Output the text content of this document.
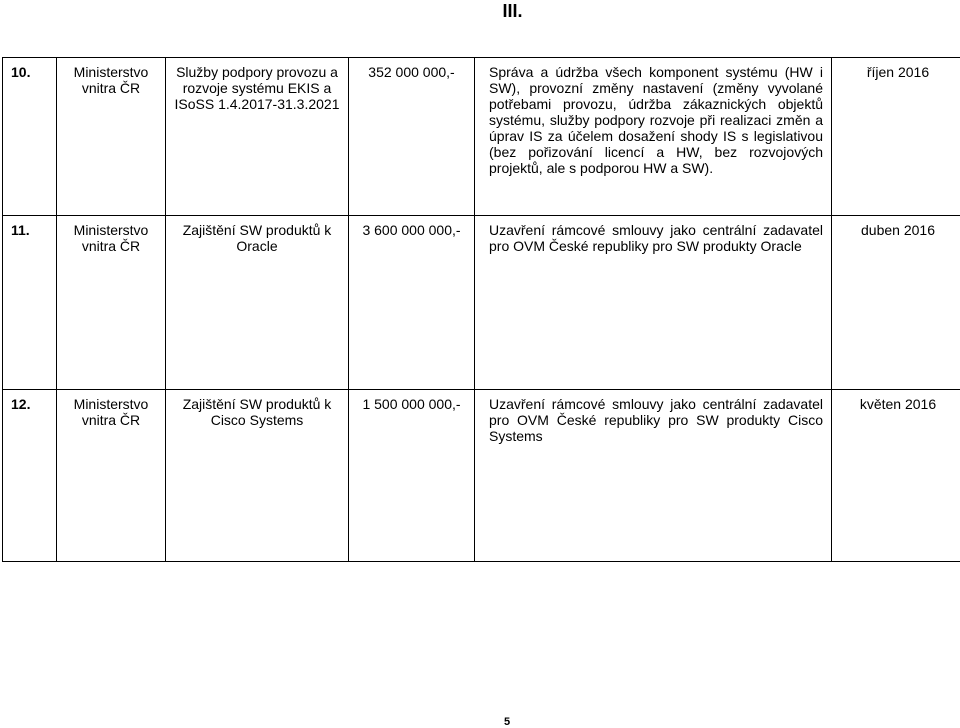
III.
10.	Ministerstvo vnitra ČR	Služby podpory provozu a rozvoje systému EKIS a ISoSS 1.4.2017-31.3.2021	352 000 000,-	Správa a údržba všech komponent systému (HW i SW), provozní změny nastavení (změny vyvolané potřebami provozu, údržba zákaznických objektů systému, služby podpory rozvoje při realizaci změn a úprav IS za účelem dosažení shody IS s legislativou (bez pořizování licencí a HW, bez rozvojových projektů, ale s podporou HW a SW).	říjen 2016

11.	Ministerstvo vnitra ČR	Zajištění SW produktů k Oracle	3 600 000 000,-	Uzavření rámcové smlouvy jako centrální zadavatel pro OVM České republiky pro SW produkty Oracle	duben 2016

12.	Ministerstvo vnitra ČR	Zajištění SW produktů k Cisco Systems	1 500 000 000,-	Uzavření rámcové smlouvy jako centrální zadavatel pro OVM České republiky pro SW produkty Cisco Systems	květen 2016
5
